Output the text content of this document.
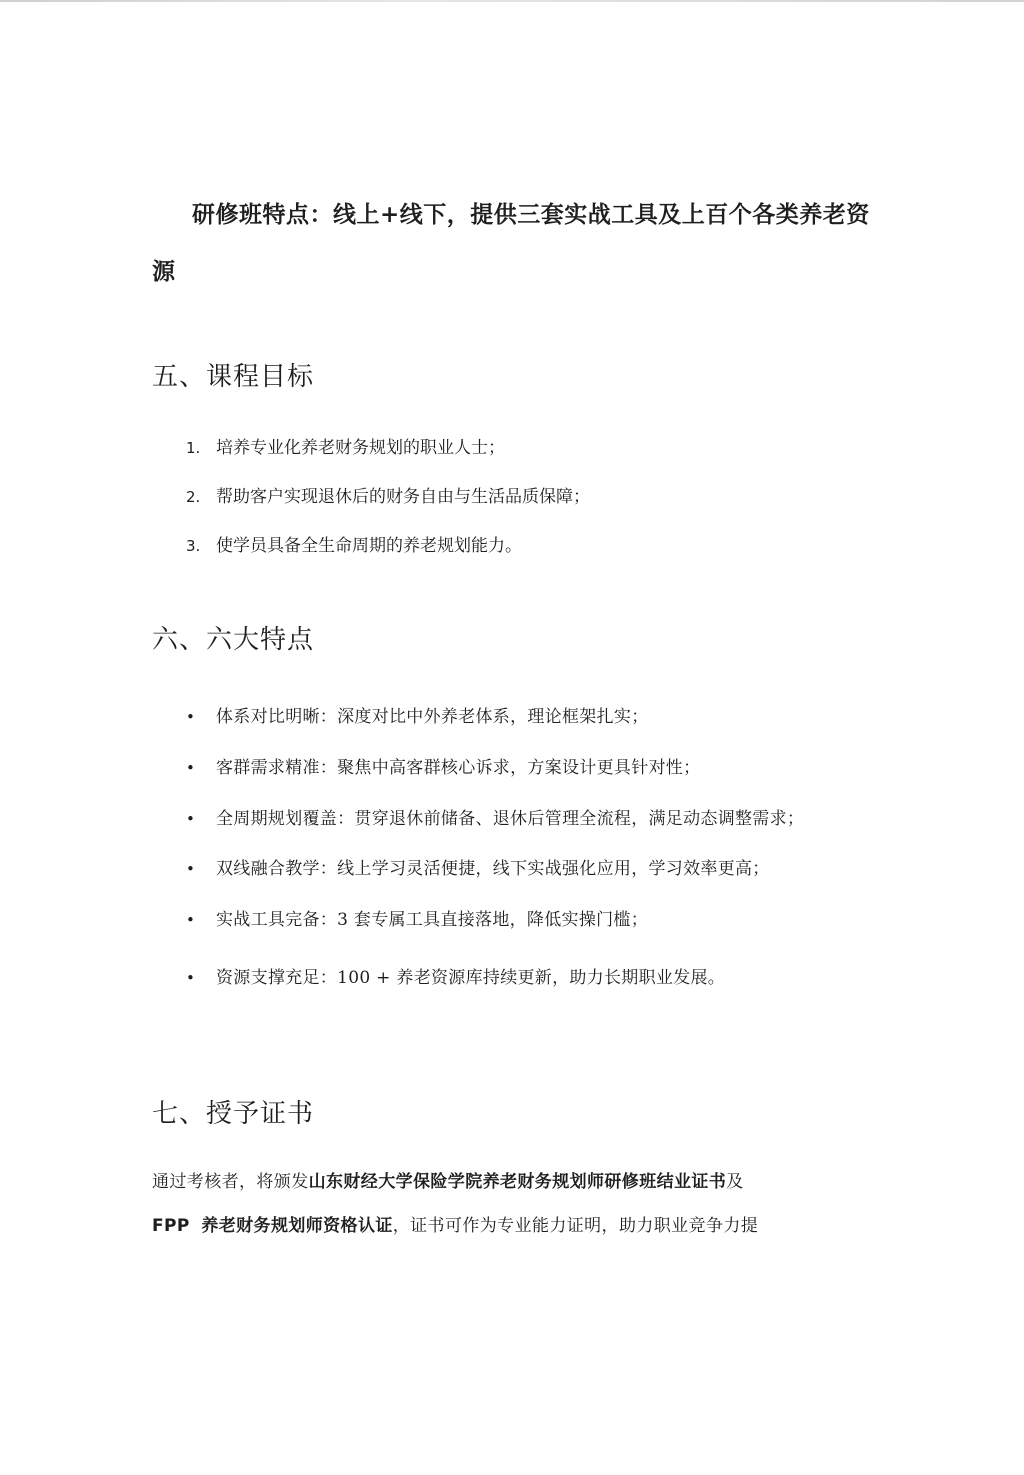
研修班特点：线上+线下，提供三套实战工具及上百个各类养老资
源
五、课程目标
1. 培养专业化养老财务规划的职业人士；
2. 帮助客户实现退休后的财务自由与生活品质保障；
3. 使学员具备全生命周期的养老规划能力。
六、六大特点
•	体系对比明晰：深度对比中外养老体系，理论框架扎实；
•	客群需求精准：聚焦中高客群核心诉求，方案设计更具针对性；
•	全周期规划覆盖：贯穿退休前储备、退休后管理全流程，满足动态调整需求；
•	双线融合教学：线上学习灵活便捷，线下实战强化应用，学习效率更高；
•	实战工具完备：3 套专属工具直接落地，降低实操门槛；
•	资源支撑充足：100 + 养老资源库持续更新，助力长期职业发展。
七、授予证书
通过考核者，将颁发山东财经大学保险学院养老财务规划师研修班结业证书及
FPP 养老财务规划师资格认证，证书可作为专业能力证明，助力职业竞争力提
